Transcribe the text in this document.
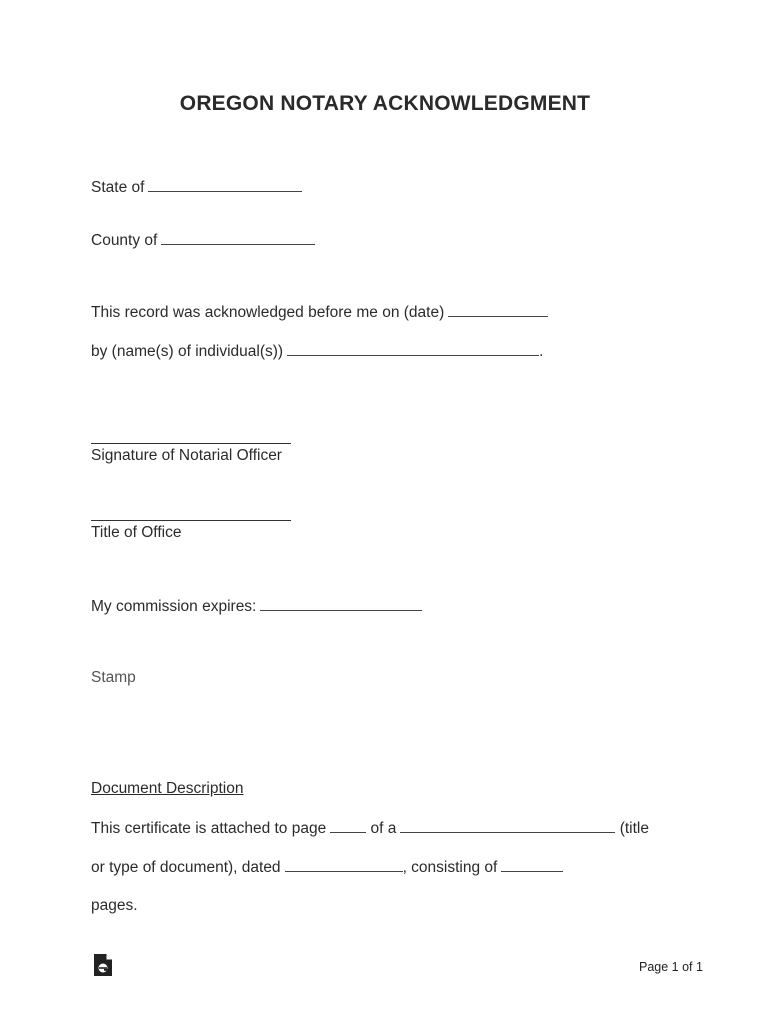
OREGON NOTARY ACKNOWLEDGMENT
State of
County of
This record was acknowledged before me on (date)
by (name(s) of individual(s))	.
Signature of Notarial Officer
Title of Office
My commission expires:
Stamp
Document Description
This certificate is attached to page	of a	(title
or type of document), dated	, consisting of
pages.
Page 1 of 1
